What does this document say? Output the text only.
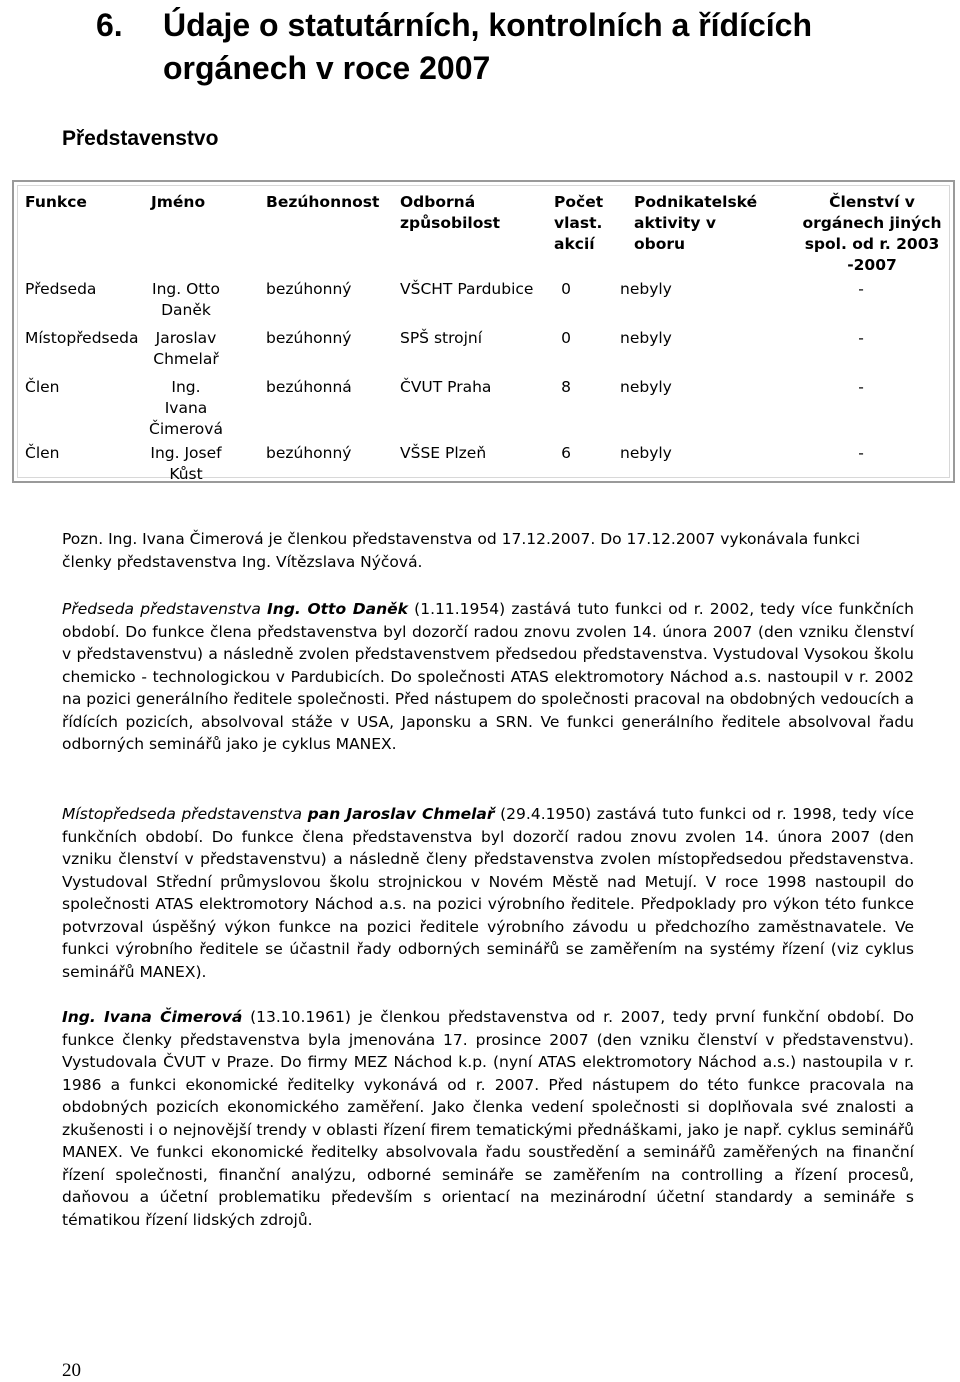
6. Údaje o statutárních, kontrolních a řídících orgánech v roce 2007
Představenstvo
Funkce	Jméno	Bezúhonnost	Odborná způsobilost	Počet vlast. akcií	Podnikatelské aktivity v oboru	Členství v orgánech jiných spol. od r. 2003 -2007

Předseda	Ing. Otto Daněk	bezúhonný	VŠCHT Pardubice	0	nebyly	-
Místopředseda	Jaroslav Chmelař	bezúhonný	SPŠ strojní	0	nebyly	-
Člen	Ing. Ivana Čimerová	bezúhonná	ČVUT Praha	8	nebyly	-
Člen	Ing. Josef Kůst	bezúhonný	VŠSE Plzeň	6	nebyly	-
Pozn. Ing. Ivana Čimerová je členkou představenstva od 17.12.2007. Do 17.12.2007 vykonávala funkci členky představenstva Ing. Vítězslava Nýčová.
Předseda představenstva Ing. Otto Daněk (1.11.1954) zastává tuto funkci od r. 2002, tedy více funkčních období. Do funkce člena představenstva byl dozorčí radou znovu zvolen 14. února 2007 (den vzniku členství v představenstvu) a následně zvolen představenstvem předsedou představenstva. Vystudoval Vysokou školu chemicko - technologickou v Pardubicích. Do společnosti ATAS elektromotory Náchod a.s. nastoupil v r. 2002 na pozici generálního ředitele společnosti. Před nástupem do společnosti pracoval na obdobných vedoucích a řídících pozicích, absolvoval stáže v USA, Japonsku a SRN. Ve funkci generálního ředitele absolvoval řadu odborných seminářů jako je cyklus MANEX.
Místopředseda představenstva pan Jaroslav Chmelař (29.4.1950) zastává tuto funkci od r. 1998, tedy více funkčních období. Do funkce člena představenstva byl dozorčí radou znovu zvolen 14. února 2007 (den vzniku členství v představenstvu) a následně členy představenstva zvolen místopředsedou představenstva. Vystudoval Střední průmyslovou školu strojnickou v Novém Městě nad Metují. V roce 1998 nastoupil do společnosti ATAS elektromotory Náchod a.s. na pozici výrobního ředitele. Předpoklady pro výkon této funkce potvrzoval úspěšný výkon funkce na pozici ředitele výrobního závodu u předchozího zaměstnavatele. Ve funkci výrobního ředitele se účastnil řady odborných seminářů se zaměřením na systémy řízení (viz cyklus seminářů MANEX).
Ing. Ivana Čimerová (13.10.1961) je členkou představenstva od r. 2007, tedy první funkční období. Do funkce členky představenstva byla jmenována 17. prosince 2007 (den vzniku členství v představenstvu). Vystudovala ČVUT v Praze. Do firmy MEZ Náchod k.p. (nyní ATAS elektromotory Náchod a.s.) nastoupila v r. 1986 a funkci ekonomické ředitelky vykonává od r. 2007. Před nástupem do této funkce pracovala na obdobných pozicích ekonomického zaměření. Jako členka vedení společnosti si doplňovala své znalosti a zkušenosti i o nejnovější trendy v oblasti řízení firem tematickými přednáškami, jako je např. cyklus seminářů MANEX. Ve funkci ekonomické ředitelky absolvovala řadu soustředění a seminářů zaměřených na finanční řízení společnosti, finanční analýzu, odborné semináře se zaměřením na controlling a řízení procesů, daňovou a účetní problematiku především s orientací na mezinárodní účetní standardy a semináře s tématikou řízení lidských zdrojů.
20
